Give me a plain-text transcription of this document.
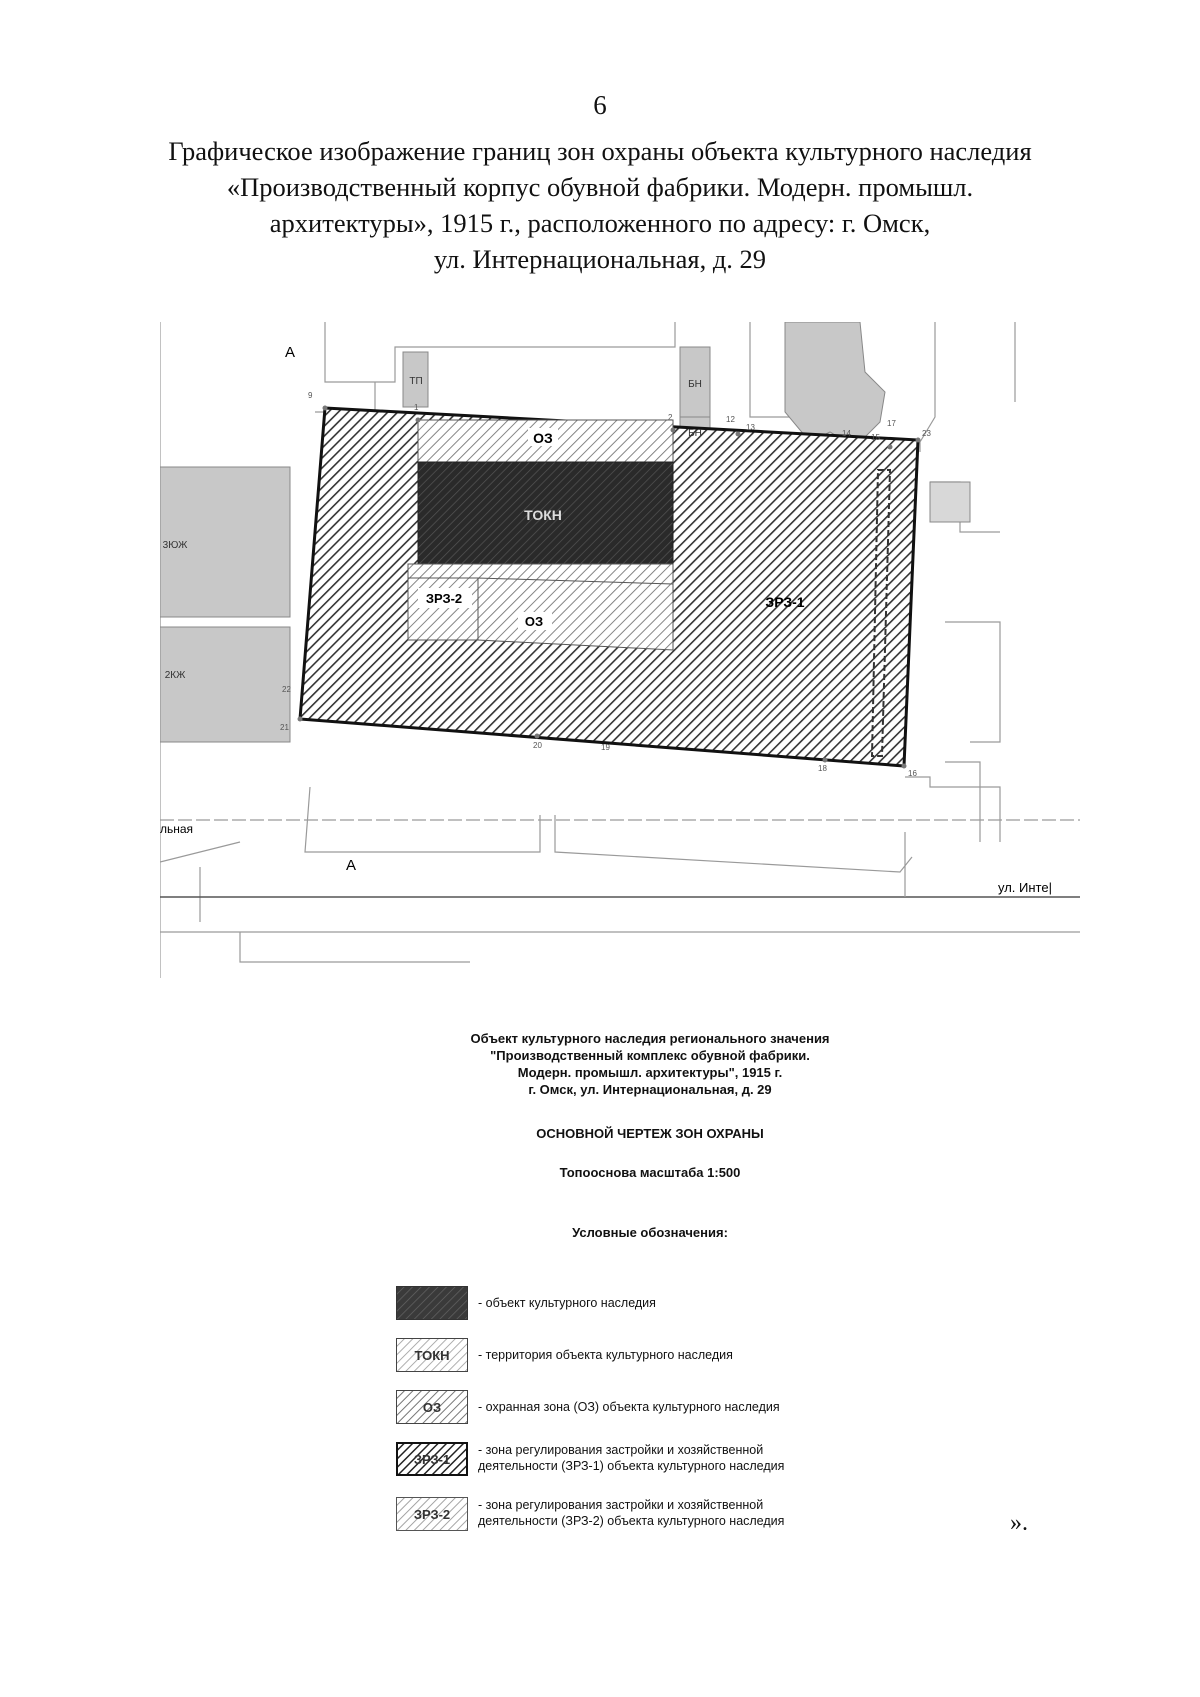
6
Графическое изображение границ зон охраны объекта культурного наследия
«Производственный корпус обувной фабрики. Модерн. промышл.
архитектуры», 1915 г., расположенного по адресу: г. Омск,
ул. Интернациональная, д. 29
ОЗ
ТОКН
ЗРЗ-2
ОЗ
ЗРЗ-1
ТП	БН
БН
3ЮЖ
2КЖ
А
А
льная
ул. Инте|
9
1
2	12
13
14	15
16
17
18
19
20
21
22
23
Объект культурного наследия регионального значения
"Производственный комплекс обувной фабрики.
Модерн. промышл. архитектуры", 1915 г.
г. Омск, ул. Интернациональная, д. 29
ОСНОВНОЙ ЧЕРТЕЖ ЗОН ОХРАНЫ
Топооснова масштаба 1:500
Условные обозначения:
- объект культурного наследия
ТОКН	- территория объекта культурного наследия
ОЗ	- охранная зона (ОЗ) объекта культурного наследия
ЗРЗ-1
- зона регулирования застройки и хозяйственной
деятельности (ЗРЗ-1) объекта культурного наследия
ЗРЗ-2
- зона регулирования застройки и хозяйственной
деятельности (ЗРЗ-2) объекта культурного наследия	».
